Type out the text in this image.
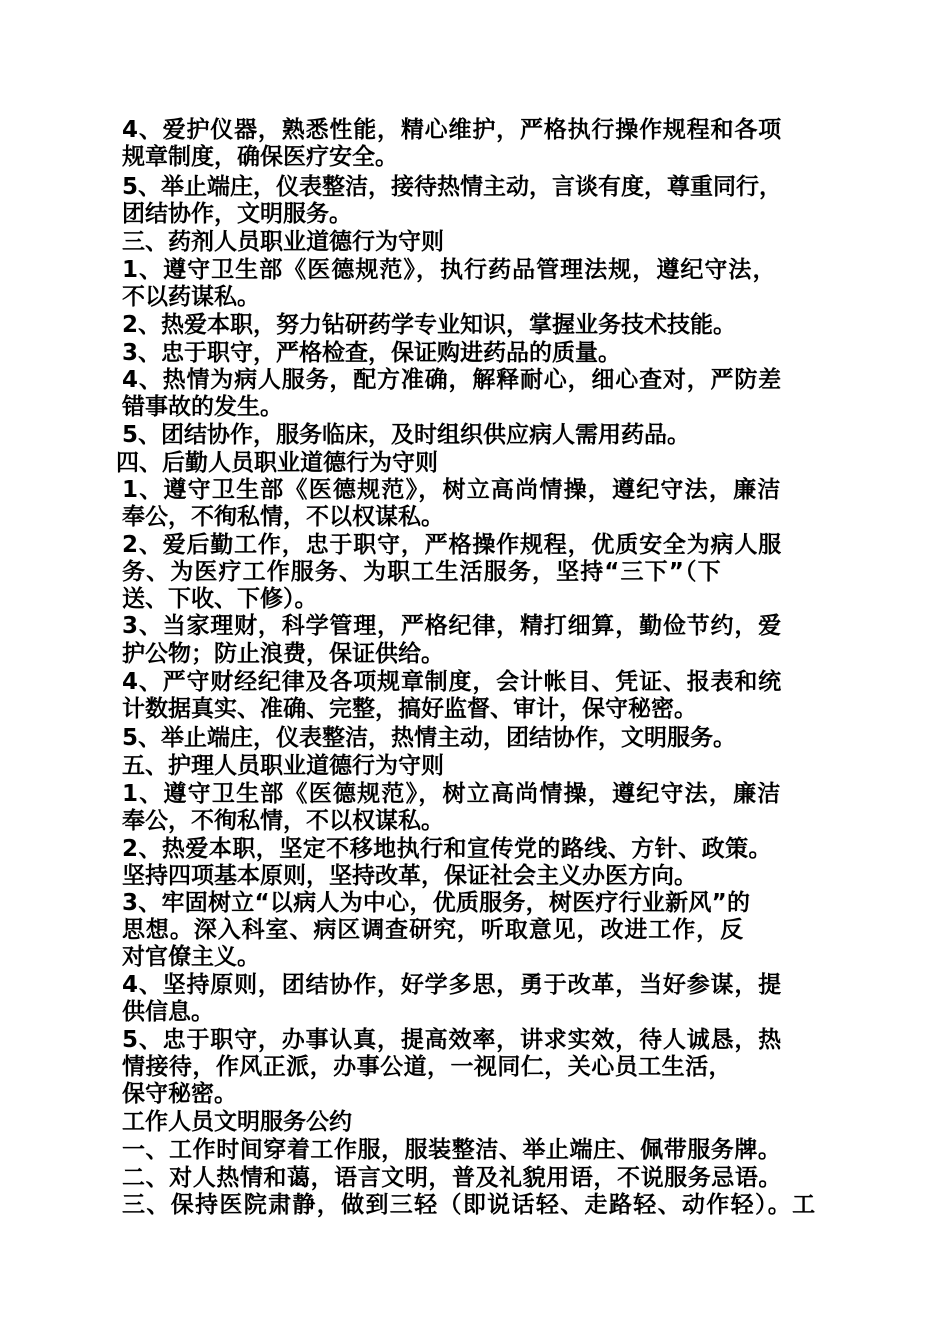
4、爱护仪器，熟悉性能，精心维护，严格执行操作规程和各项
规章制度，确保医疗安全。
5、举止端庄，仪表整洁，接待热情主动，言谈有度，尊重同行，
团结协作，文明服务。
三、药剂人员职业道德行为守则
1、遵守卫生部《医德规范》，执行药品管理法规，遵纪守法，
不以药谋私。
2、热爱本职，努力钻研药学专业知识，掌握业务技术技能。
3、忠于职守，严格检查，保证购进药品的质量。
4、热情为病人服务，配方准确，解释耐心，细心查对，严防差
错事故的发生。
5、团结协作，服务临床，及时组织供应病人需用药品。
四、后勤人员职业道德行为守则
1、遵守卫生部《医德规范》，树立高尚情操，遵纪守法，廉洁
奉公，不徇私情，不以权谋私。
2、爱后勤工作，忠于职守，严格操作规程，优质安全为病人服
务、为医疗工作服务、为职工生活服务，坚持“三下”（下
送、下收、下修）。
3、当家理财，科学管理，严格纪律，精打细算，勤俭节约，爱
护公物；防止浪费，保证供给。
4、严守财经纪律及各项规章制度，会计帐目、凭证、报表和统
计数据真实、准确、完整，搞好监督、审计，保守秘密。
5、举止端庄，仪表整洁，热情主动，团结协作，文明服务。
五、护理人员职业道德行为守则
1、遵守卫生部《医德规范》，树立高尚情操，遵纪守法，廉洁
奉公，不徇私情，不以权谋私。
2、热爱本职，坚定不移地执行和宣传党的路线、方针、政策。
坚持四项基本原则，坚持改革，保证社会主义办医方向。
3、牢固树立“以病人为中心，优质服务，树医疗行业新风”的
思想。深入科室、病区调查研究，听取意见，改进工作，反
对官僚主义。
4、坚持原则，团结协作，好学多思，勇于改革，当好参谋，提
供信息。
5、忠于职守，办事认真，提高效率，讲求实效，待人诚恳，热
情接待，作风正派，办事公道，一视同仁，关心员工生活，
保守秘密。
工作人员文明服务公约
一、工作时间穿着工作服，服装整洁、举止端庄、佩带服务牌。
二、对人热情和蔼，语言文明，普及礼貌用语，不说服务忌语。
三、保持医院肃静，做到三轻（即说话轻、走路轻、动作轻）。工
